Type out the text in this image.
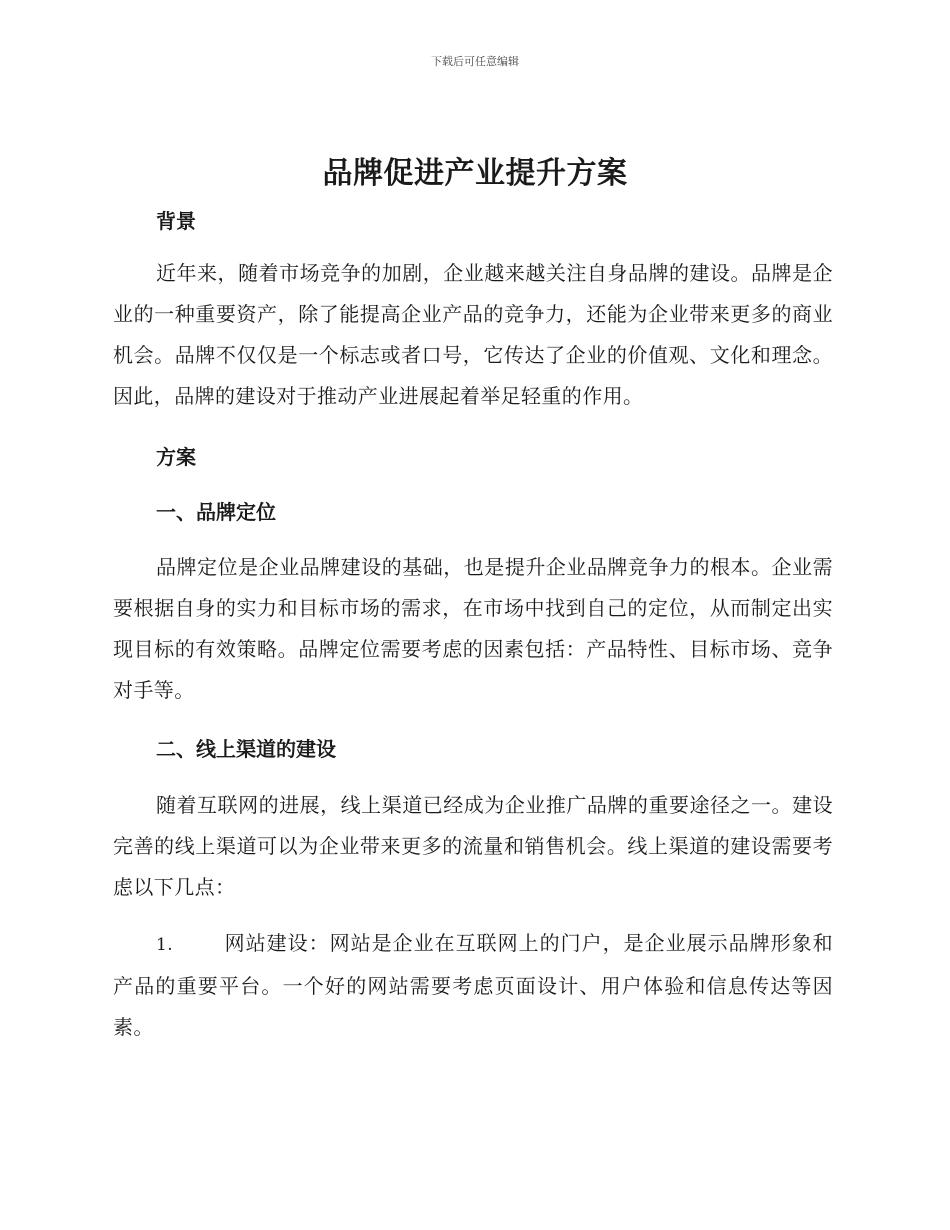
下载后可任意编辑
品牌促进产业提升方案
背景
近年来，随着市场竞争的加剧，企业越来越关注自身品牌的建设。品牌是企业的一种重要资产，除了能提高企业产品的竞争力，还能为企业带来更多的商业机会。品牌不仅仅是一个标志或者口号，它传达了企业的价值观、文化和理念。因此，品牌的建设对于推动产业进展起着举足轻重的作用。
方案
一、品牌定位
品牌定位是企业品牌建设的基础，也是提升企业品牌竞争力的根本。企业需要根据自身的实力和目标市场的需求，在市场中找到自己的定位，从而制定出实现目标的有效策略。品牌定位需要考虑的因素包括：产品特性、目标市场、竞争对手等。
二、线上渠道的建设
随着互联网的进展，线上渠道已经成为企业推广品牌的重要途径之一。建设完善的线上渠道可以为企业带来更多的流量和销售机会。线上渠道的建设需要考虑以下几点：
1.	网站建设：网站是企业在互联网上的门户，是企业展示品牌形象和产品的重要平台。一个好的网站需要考虑页面设计、用户体验和信息传达等因素。
